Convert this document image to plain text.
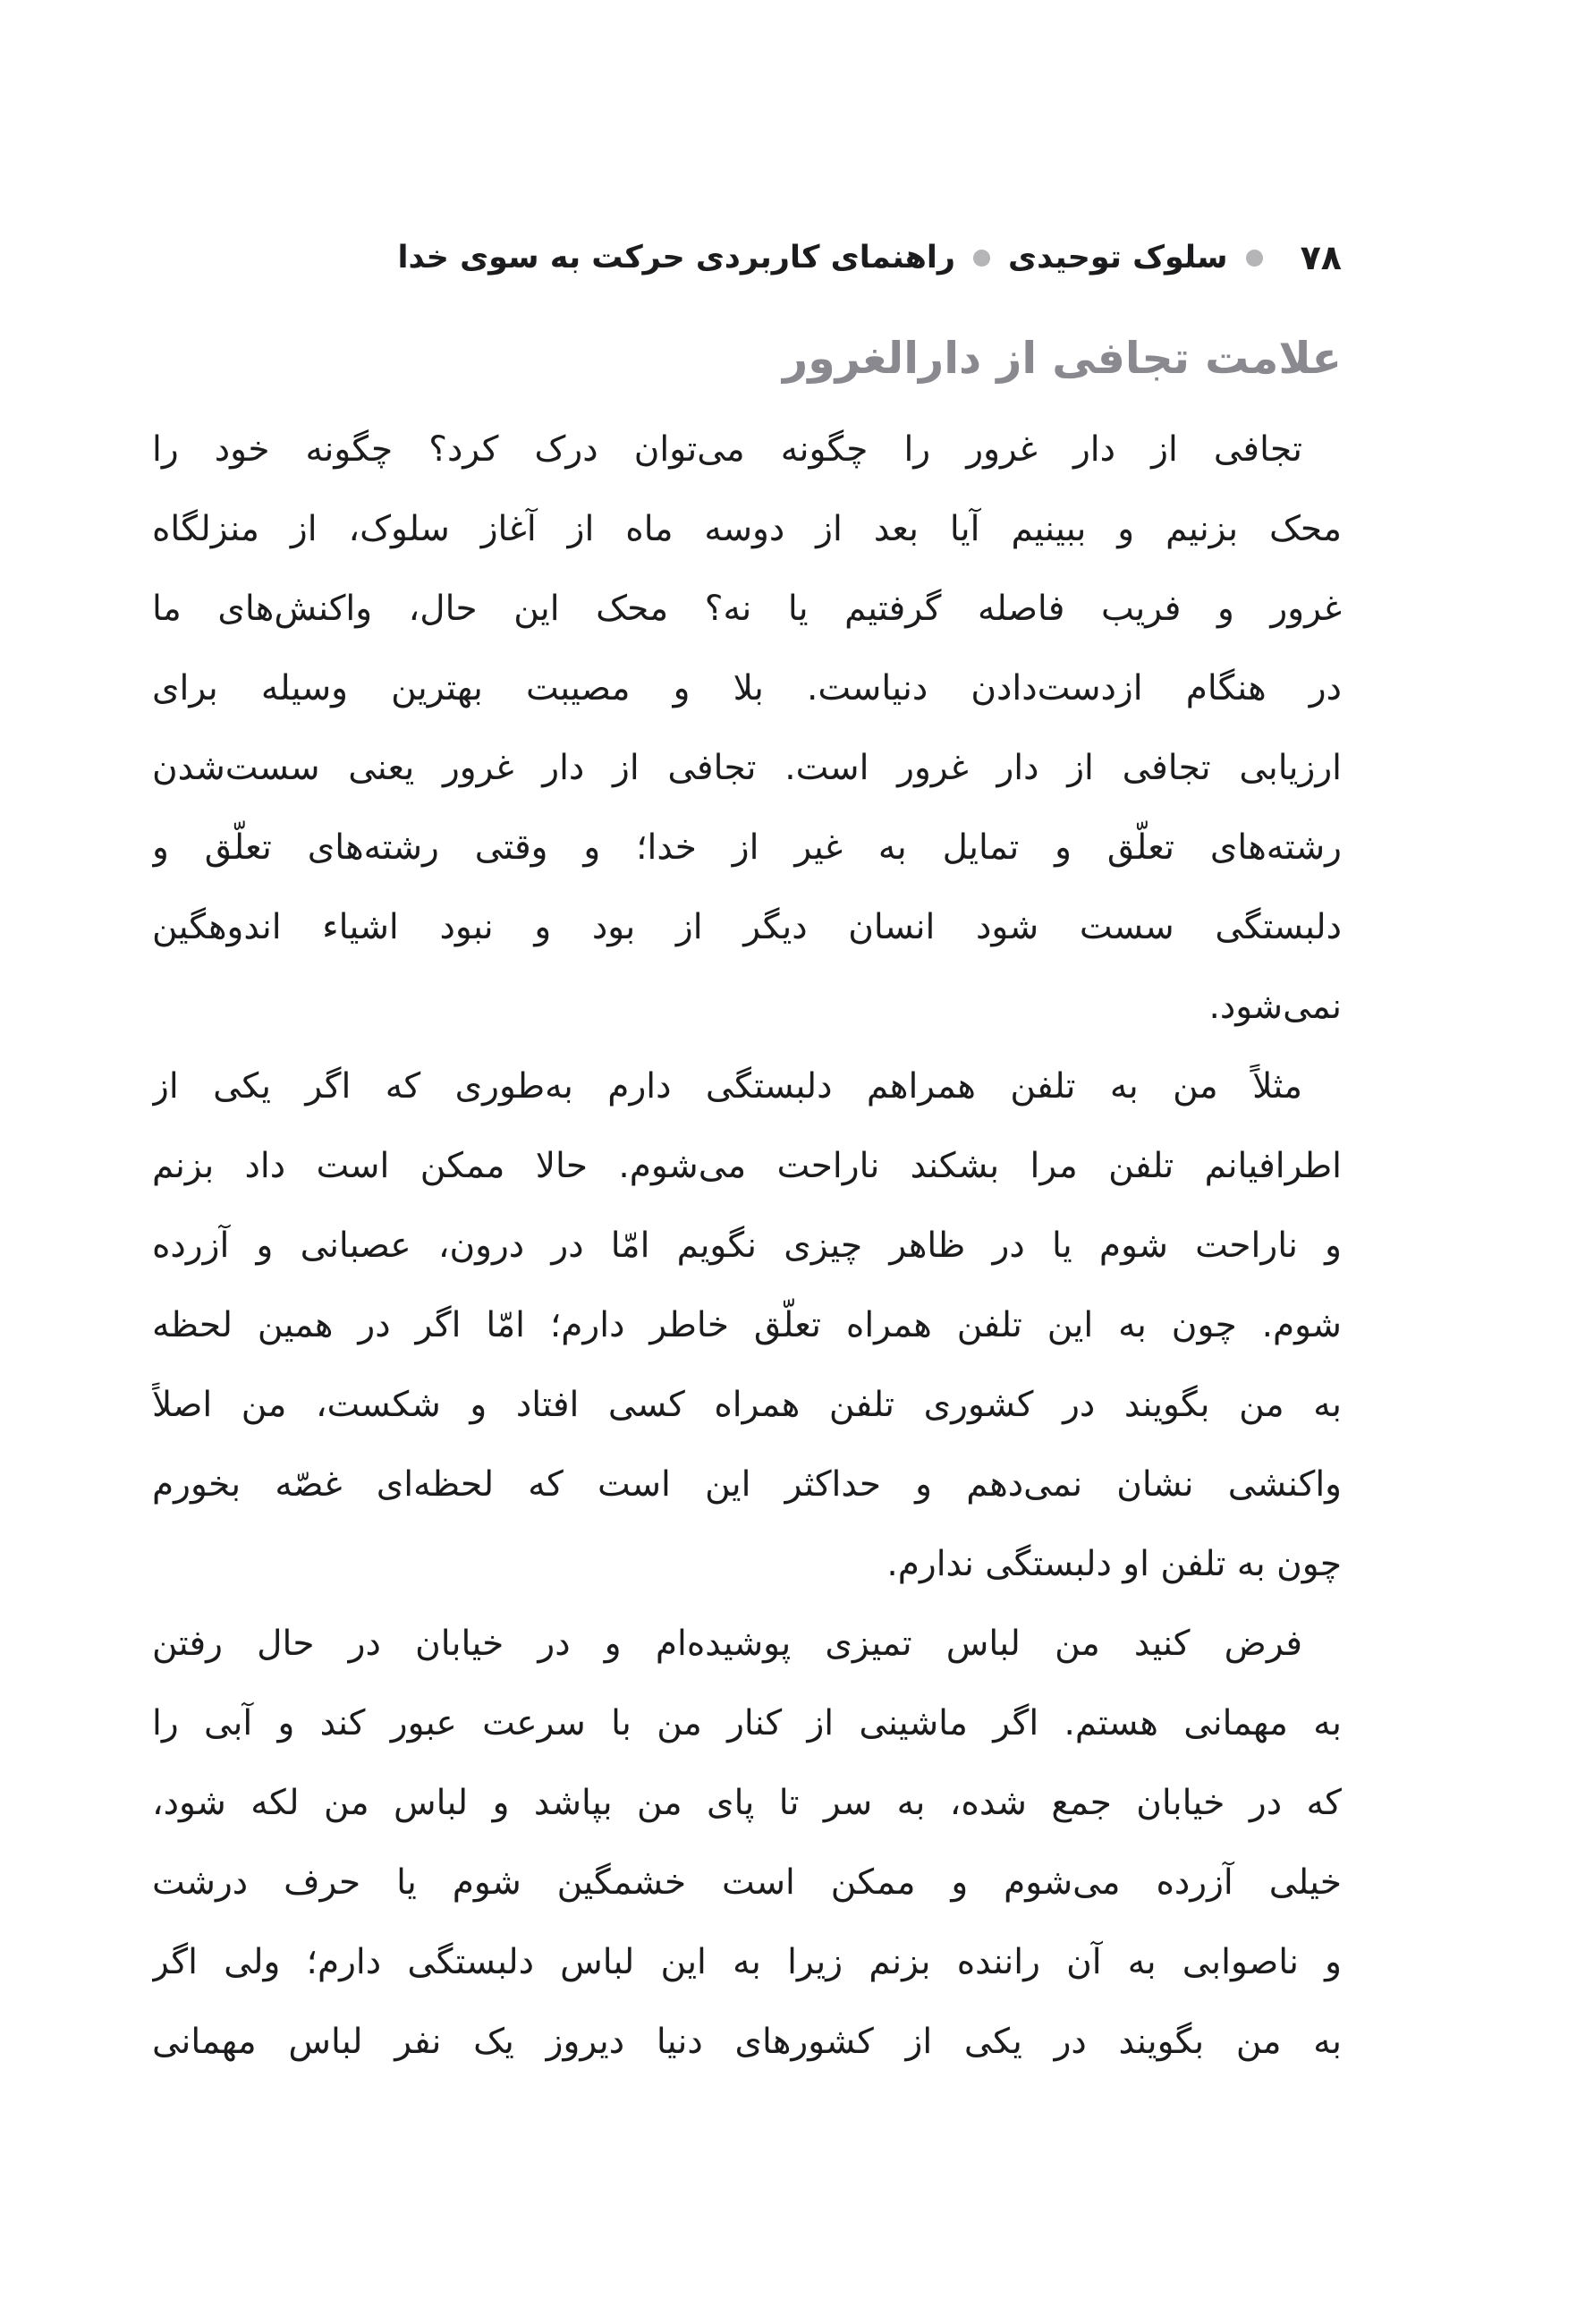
۷۸
سلوک توحیدی
راهنمای کاربردی حرکت به سوی خدا
علامت تجافی از دارالغرور
تجافی از دار غرور را چگونه می‌توان درک کرد؟ چگونه خود را
محک بزنیم و ببینیم آیا بعد از دوسه ماه از آغاز سلوک، از منزلگاه
غرور و فریب فاصله گرفتیم یا نه؟ محک این حال، واکنش‌های ما
در هنگام ازدست‌دادن دنیاست. بلا و مصیبت بهترین وسیله برای
ارزیابی تجافی از دار غرور است. تجافی از دار غرور یعنی سست‌شدن
رشته‌های تعلّق و تمایل به غیر از خدا؛ و وقتی رشته‌های تعلّق و
دلبستگی سست شود انسان دیگر از بود و نبود اشیاء اندوهگین
نمی‌شود.
مثلاً من به تلفن همراهم دلبستگی دارم به‌طوری که اگر یکی از
اطرافیانم تلفن مرا بشکند ناراحت می‌شوم. حالا ممکن است داد بزنم
و ناراحت شوم یا در ظاهر چیزی نگویم امّا در درون، عصبانی و آزرده
شوم. چون به این تلفن همراه تعلّق خاطر دارم؛ امّا اگر در همین لحظه
به من بگویند در کشوری تلفن همراه کسی افتاد و شکست، من اصلاً
واکنشی نشان نمی‌دهم و حداکثر این است که لحظه‌ای غصّه بخورم
چون به تلفن او دلبستگی ندارم.
فرض کنید من لباس تمیزی پوشیده‌ام و در خیابان در حال رفتن
به مهمانی هستم. اگر ماشینی از کنار من با سرعت عبور کند و آبی را
که در خیابان جمع شده، به سر تا پای من بپاشد و لباس من لکه شود،
خیلی آزرده می‌شوم و ممکن است خشمگین شوم یا حرف درشت
و ناصوابی به آن راننده بزنم زیرا به این لباس دلبستگی دارم؛ ولی اگر
به من بگویند در یکی از کشورهای دنیا دیروز یک نفر لباس مهمانی
